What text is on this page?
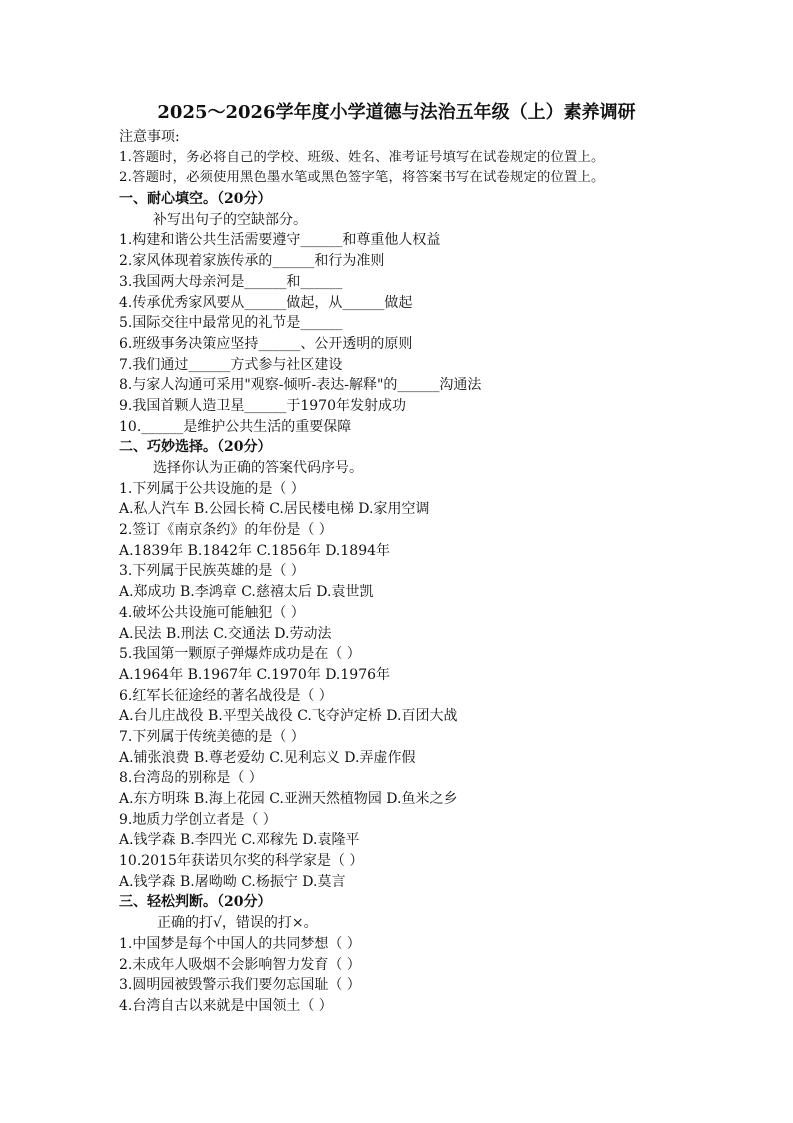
2025～2026学年度小学道德与法治五年级（上）素养调研
注意事项:
1.答题时，务必将自己的学校、班级、姓名、准考证号填写在试卷规定的位置上。
2.答题时，必须使用黑色墨水笔或黑色签字笔，将答案书写在试卷规定的位置上。
一、耐心填空。（20分）
补写出句子的空缺部分。
1.构建和谐公共生活需要遵守______和尊重他人权益
2.家风体现着家族传承的______和行为准则
3.我国两大母亲河是______和______
4.传承优秀家风要从______做起，从______做起
5.国际交往中最常见的礼节是______
6.班级事务决策应坚持______、公开透明的原则
7.我们通过______方式参与社区建设
8.与家人沟通可采用"观察-倾听-表达-解释"的______沟通法
9.我国首颗人造卫星______于1970年发射成功
10.______是维护公共生活的重要保障
二、巧妙选择。（20分）
选择你认为正确的答案代码序号。
1.下列属于公共设施的是（ ）
A.私人汽车 B.公园长椅 C.居民楼电梯 D.家用空调
2.签订《南京条约》的年份是（ ）
A.1839年 B.1842年 C.1856年 D.1894年
3.下列属于民族英雄的是（ ）
A.郑成功 B.李鸿章 C.慈禧太后 D.袁世凯
4.破坏公共设施可能触犯（ ）
A.民法 B.刑法 C.交通法 D.劳动法
5.我国第一颗原子弹爆炸成功是在（ ）
A.1964年 B.1967年 C.1970年 D.1976年
6.红军长征途经的著名战役是（ ）
A.台儿庄战役 B.平型关战役 C.飞夺泸定桥 D.百团大战
7.下列属于传统美德的是（ ）
A.铺张浪费 B.尊老爱幼 C.见利忘义 D.弄虚作假
8.台湾岛的别称是（ ）
A.东方明珠 B.海上花园 C.亚洲天然植物园 D.鱼米之乡
9.地质力学创立者是（ ）
A.钱学森 B.李四光 C.邓稼先 D.袁隆平
10.2015年获诺贝尔奖的科学家是（ ）
A.钱学森 B.屠呦呦 C.杨振宁 D.莫言
三、轻松判断。（20分）
正确的打√，错误的打×。
1.中国梦是每个中国人的共同梦想（ ）
2.未成年人吸烟不会影响智力发育（ ）
3.圆明园被毁警示我们要勿忘国耻（ ）
4.台湾自古以来就是中国领土（ ）
